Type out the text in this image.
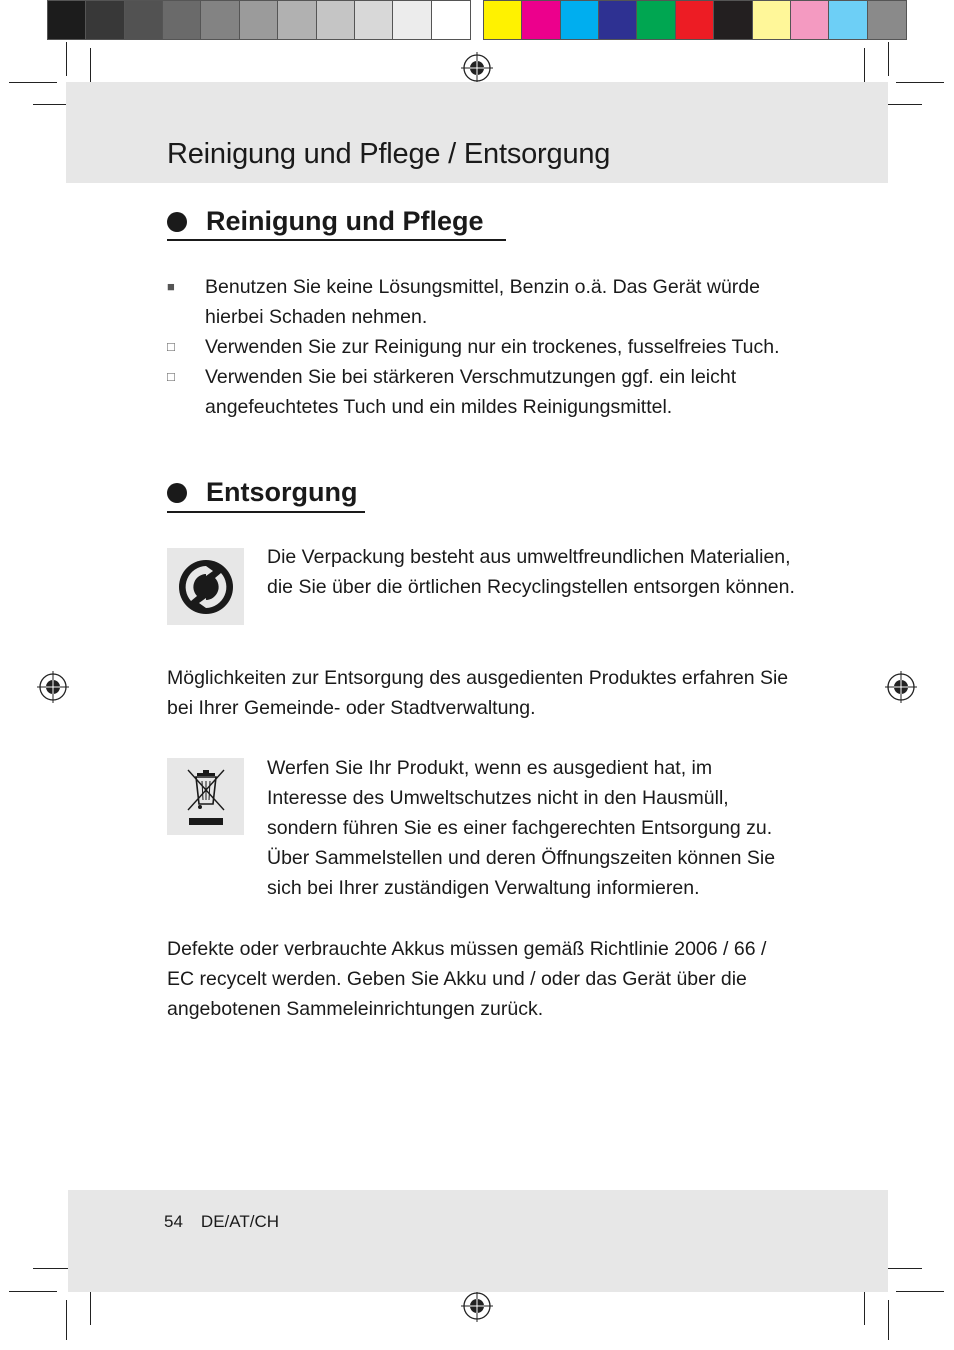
Reinigung und Pflege / Entsorgung
Reinigung und Pflege
■	Benutzen Sie keine Lösungsmittel, Benzin o.ä. Das Gerät würde hierbei Schaden nehmen.
□	Verwenden Sie zur Reinigung nur ein trockenes, fusselfreies Tuch.
□	Verwenden Sie bei stärkeren Verschmutzungen ggf. ein leicht angefeuchtetes Tuch und ein mildes Reinigungsmittel.
Entsorgung

Die Verpackung besteht aus umweltfreundlichen Materialien, die Sie über die örtlichen Recyclingstellen entsorgen können.

Möglichkeiten zur Entsorgung des ausgedienten Produktes erfahren Sie bei Ihrer Gemeinde- oder Stadtverwaltung.

Werfen Sie Ihr Produkt, wenn es ausgedient hat, im Interesse des Umweltschutzes nicht in den Hausmüll, sondern führen Sie es einer fachgerechten Entsorgung zu. Über Sammelstellen und deren Öffnungszeiten können Sie sich bei Ihrer zuständigen Verwaltung informieren.

Defekte oder verbrauchte Akkus müssen gemäß Richtlinie 2006 / 66 / EC recycelt werden. Geben Sie Akku und / oder das Gerät über die angebotenen Sammeleinrichtungen zurück.

54 DE/AT/CH
